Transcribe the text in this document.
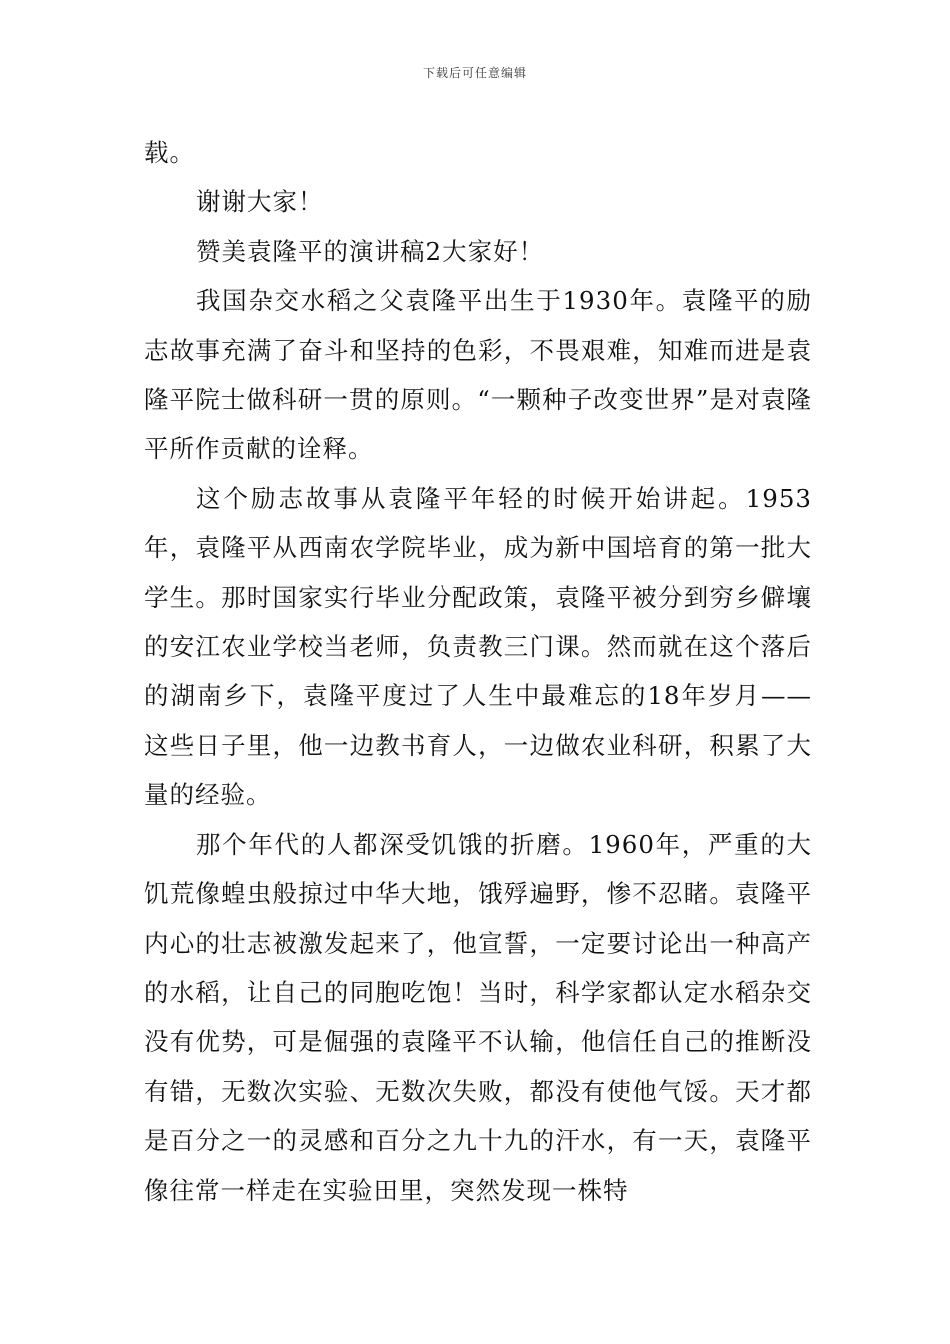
下载后可任意编辑

载。

谢谢大家！

赞美袁隆平的演讲稿2大家好！

我国杂交水稻之父袁隆平出生于1930年。袁隆平的励志故事充满了奋斗和坚持的色彩，不畏艰难，知难而进是袁隆平院士做科研一贯的原则。“一颗种子改变世界”是对袁隆平所作贡献的诠释。

这个励志故事从袁隆平年轻的时候开始讲起。1953年，袁隆平从西南农学院毕业，成为新中国培育的第一批大学生。那时国家实行毕业分配政策，袁隆平被分到穷乡僻壤的安江农业学校当老师，负责教三门课。然而就在这个落后的湖南乡下，袁隆平度过了人生中最难忘的18年岁月——这些日子里，他一边教书育人，一边做农业科研，积累了大量的经验。

那个年代的人都深受饥饿的折磨。1960年，严重的大饥荒像蝗虫般掠过中华大地，饿殍遍野，惨不忍睹。袁隆平内心的壮志被激发起来了，他宣誓，一定要讨论出一种高产的水稻，让自己的同胞吃饱！当时，科学家都认定水稻杂交没有优势，可是倔强的袁隆平不认输，他信任自己的推断没有错，无数次实验、无数次失败，都没有使他气馁。天才都是百分之一的灵感和百分之九十九的汗水，有一天，袁隆平像往常一样走在实验田里，突然发现一株特
